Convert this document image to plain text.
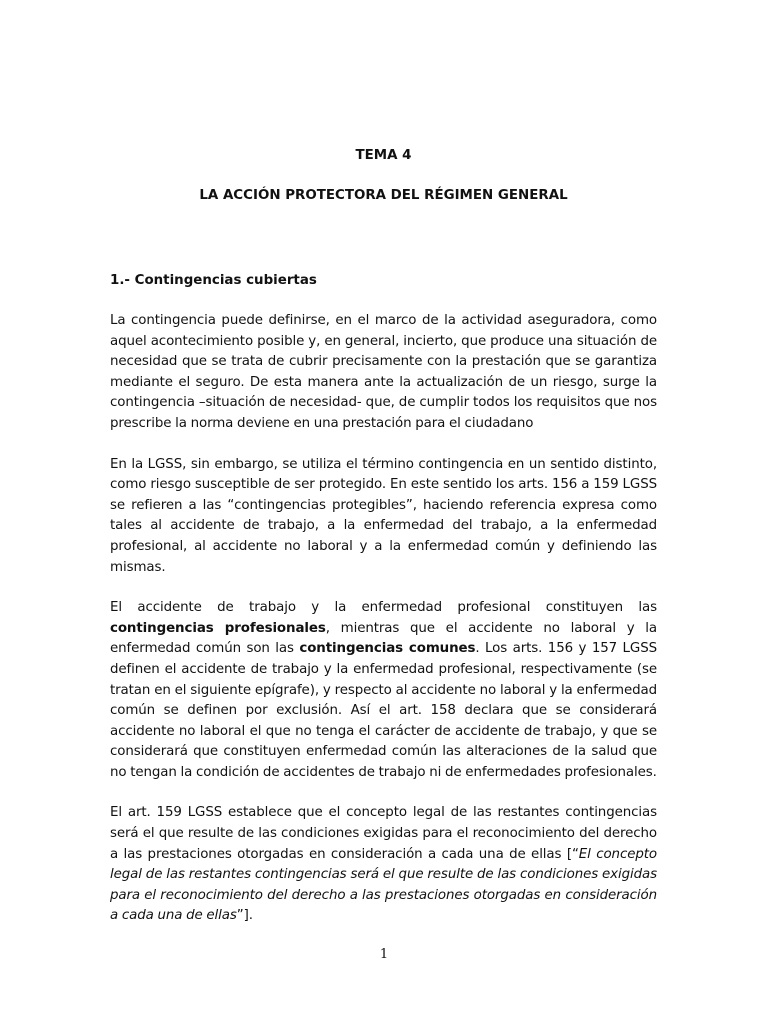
TEMA 4

LA ACCIÓN PROTECTORA DEL RÉGIMEN GENERAL

1.- Contingencias cubiertas

La contingencia puede definirse, en el marco de la actividad aseguradora, como aquel acontecimiento posible y, en general, incierto, que produce una situación de necesidad que se trata de cubrir precisamente con la prestación que se garantiza mediante el seguro. De esta manera ante la actualización de un riesgo, surge la contingencia –situación de necesidad- que, de cumplir todos los requisitos que nos prescribe la norma deviene en una prestación para el ciudadano

En la LGSS, sin embargo, se utiliza el término contingencia en un sentido distinto, como riesgo susceptible de ser protegido. En este sentido los arts. 156 a 159 LGSS se refieren a las “contingencias protegibles”, haciendo referencia expresa como tales al accidente de trabajo, a la enfermedad del trabajo, a la enfermedad profesional, al accidente no laboral y a la enfermedad común y definiendo las mismas.

El accidente de trabajo y la enfermedad profesional constituyen las contingencias profesionales, mientras que el accidente no laboral y la enfermedad común son las contingencias comunes. Los arts. 156 y 157 LGSS definen el accidente de trabajo y la enfermedad profesional, respectivamente (se tratan en el siguiente epígrafe), y respecto al accidente no laboral y la enfermedad común se definen por exclusión. Así el art. 158 declara que se considerará accidente no laboral el que no tenga el carácter de accidente de trabajo, y que se considerará que constituyen enfermedad común las alteraciones de la salud que no tengan la condición de accidentes de trabajo ni de enfermedades profesionales.

El art. 159 LGSS establece que el concepto legal de las restantes contingencias será el que resulte de las condiciones exigidas para el reconocimiento del derecho a las prestaciones otorgadas en consideración a cada una de ellas [“El concepto legal de las restantes contingencias será el que resulte de las condiciones exigidas para el reconocimiento del derecho a las prestaciones otorgadas en consideración a cada una de ellas”].

1
